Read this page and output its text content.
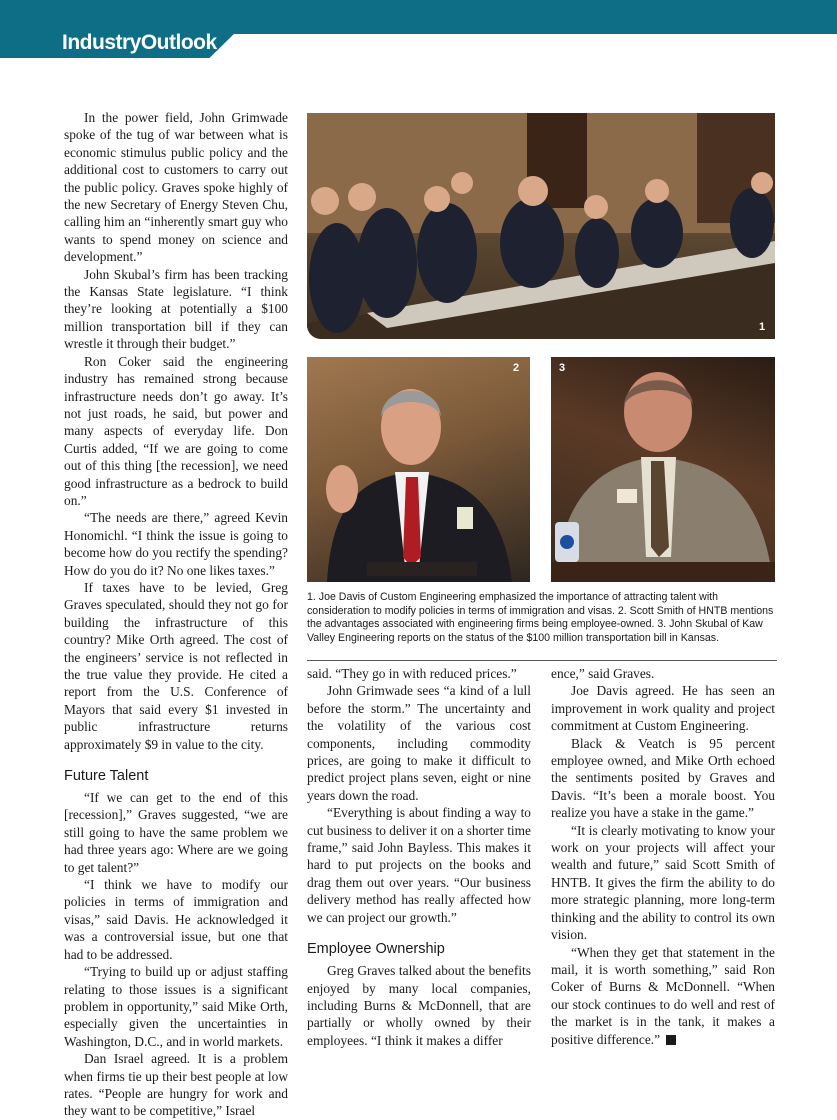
IndustryOutlook

In the power field, John Grimwade spoke of the tug of war between what is economic stimulus public policy and the additional cost to customers to carry out the public policy. Graves spoke highly of the new Secretary of Energy Steven Chu, calling him an “inherently smart guy who wants to spend money on science and development.”

John Skubal’s firm has been tracking the Kansas State legislature. “I think they’re looking at potentially a $100 million transportation bill if they can wrestle it through their budget.”

Ron Coker said the engineering industry has remained strong because infrastructure needs don’t go away. It’s not just roads, he said, but power and many aspects of everyday life. Don Curtis added, “If we are going to come out of this thing [the recession], we need good infrastructure as a bedrock to build on.”

“The needs are there,” agreed Kevin Honomichl. “I think the issue is going to become how do you rectify the spending? How do you do it? No one likes taxes.”

If taxes have to be levied, Greg Graves speculated, should they not go for building the infrastructure of this country? Mike Orth agreed. The cost of the engineers’ service is not reflected in the true value they provide. He cited a report from the U.S. Conference of Mayors that said every $1 invested in public infrastructure returns approximately $9 in value to the city.

Future Talent

“If we can get to the end of this [recession],” Graves suggested, “we are still going to have the same problem we had three years ago: Where are we going to get talent?”

“I think we have to modify our policies in terms of immigration and visas,” said Davis. He acknowledged it was a controversial issue, but one that had to be addressed.

“Trying to build up or adjust staffing relating to those issues is a significant problem in opportunity,” said Mike Orth, especially given the uncertainties in Washington, D.C., and in world markets.

Dan Israel agreed. It is a problem when firms tie up their best people at low rates. “People are hungry for work and they want to be competitive,” Israel

1
2	3
1. Joe Davis of Custom Engineering emphasized the importance of attracting talent with consideration to modify policies in terms of immigration and visas. 2. Scott Smith of HNTB mentions the advantages associated with engineering firms being employee-owned. 3. John Skubal of Kaw Valley Engineering reports on the status of the $100 million transportation bill in Kansas.

said. “They go in with reduced prices.”

John Grimwade sees “a kind of a lull before the storm.” The uncertainty and the volatility of the various cost components, including commodity prices, are going to make it difficult to predict project plans seven, eight or nine years down the road.

“Everything is about finding a way to cut business to deliver it on a shorter time frame,” said John Bayless. This makes it hard to put projects on the books and drag them out over years. “Our business delivery method has really affected how we can project our growth.”

Employee Ownership

Greg Graves talked about the benefits enjoyed by many local companies, including Burns & McDonnell, that are partially or wholly owned by their employees. “I think it makes a differ

ence,” said Graves.

Joe Davis agreed. He has seen an improvement in work quality and project commitment at Custom Engineering.

Black & Veatch is 95 percent employee owned, and Mike Orth echoed the sentiments posited by Graves and Davis. “It’s been a morale boost. You realize you have a stake in the game.”

“It is clearly motivating to know your work on your projects will affect your wealth and future,” said Scott Smith of HNTB. It gives the firm the ability to do more strategic planning, more long-term thinking and the ability to control its own vision.

“When they get that statement in the mail, it is worth something,” said Ron Coker of Burns & McDonnell. “When our stock continues to do well and rest of the market is in the tank, it makes a positive difference.”	I
